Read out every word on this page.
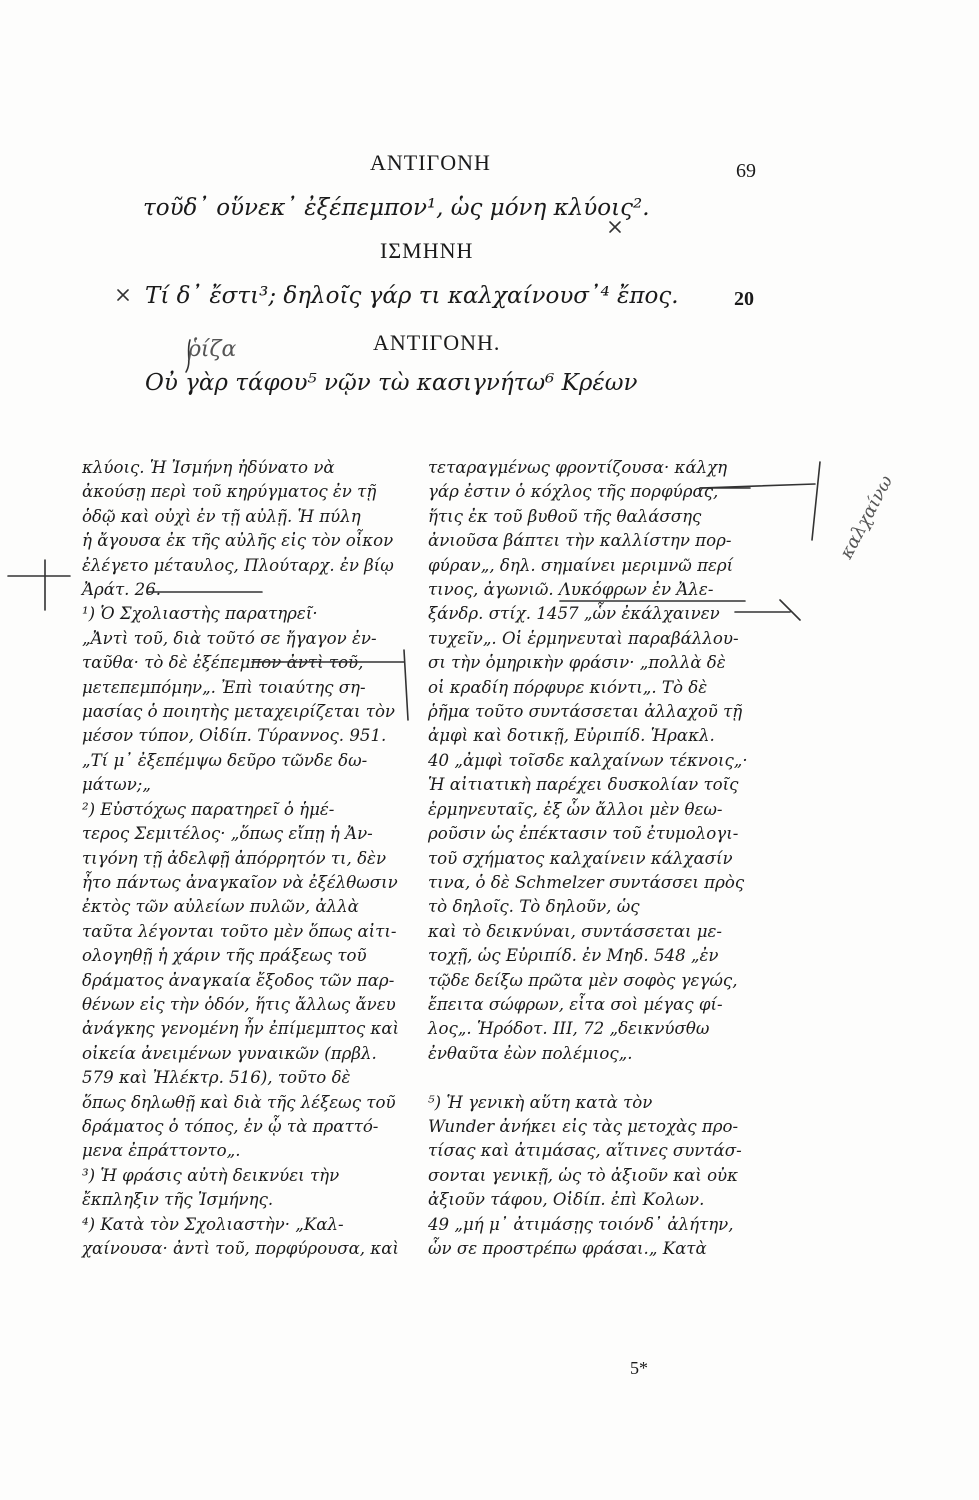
ΑΝΤΙΓΟΝΗ	69
τοῦδ᾽ οὕνεκ᾽ ἐξέπεμπον¹, ὡς μόνη κλύοις².
ΙΣΜΗΝΗ
Τί δ᾽ ἔστι³; δηλοῖς γάρ τι καλχαίνουσ᾽⁴ ἔπος.	20
ΑΝΤΙΓΟΝΗ.
Οὐ γὰρ τάφου⁵ νῷν τὼ κασιγνήτω⁶ Κρέων
κλύοις. Ἡ Ἰσμήνη ἠδύνατο νὰ
ἀκούσῃ περὶ τοῦ κηρύγματος ἐν τῇ
ὁδῷ καὶ οὐχὶ ἐν τῇ αὐλῇ. Ἡ πύλη
ἡ ἄγουσα ἐκ τῆς αὐλῆς εἰς τὸν οἶκον
ἐλέγετο μέταυλος, Πλούταρχ. ἐν βίῳ
Ἀράτ. 26.
¹) Ὁ Σχολιαστὴς παρατηρεῖ·
„Ἀντὶ τοῦ, διὰ τοῦτό σε ἤγαγον ἐν-
ταῦθα· τὸ δὲ ἐξέπεμπον ἀντὶ τοῦ,
μετεπεμπόμην„. Ἐπὶ τοιαύτης ση-
μασίας ὁ ποιητὴς μεταχειρίζεται τὸν
μέσον τύπον, Οἰδίπ. Τύραννος. 951.
„Τί μ᾽ ἐξεπέμψω δεῦρο τῶνδε δω-
μάτων;„
²) Εὐστόχως παρατηρεῖ ὁ ἡμέ-
τερος Σεμιτέλος· „ὅπως εἴπῃ ἡ Ἀν-
τιγόνη τῇ ἀδελφῇ ἀπόρρητόν τι, δὲν
ἦτο πάντως ἀναγκαῖον νὰ ἐξέλθωσιν
ἐκτὸς τῶν αὐλείων πυλῶν, ἀλλὰ
ταῦτα λέγονται τοῦτο μὲν ὅπως αἰτι-
ολογηθῇ ἡ χάριν τῆς πράξεως τοῦ
δράματος ἀναγκαία ἔξοδος τῶν παρ-
θένων εἰς τὴν ὁδόν, ἥτις ἄλλως ἄνευ
ἀνάγκης γενομένη ἦν ἐπίμεμπτος καὶ
οἰκεία ἀνειμένων γυναικῶν (πρβλ.
579 καὶ Ἠλέκτρ. 516), τοῦτο δὲ
ὅπως δηλωθῇ καὶ διὰ τῆς λέξεως τοῦ
δράματος ὁ τόπος, ἐν ᾧ τὰ πραττό-
μενα ἐπράττοντο„.
³) Ἡ φράσις αὐτὴ δεικνύει τὴν
ἔκπληξιν τῆς Ἰσμήνης.
⁴) Κατὰ τὸν Σχολιαστὴν· „Καλ-
χαίνουσα· ἀντὶ τοῦ, πορφύρουσα, καὶ
τεταραγμένως φροντίζουσα· κάλχη
γάρ ἐστιν ὁ κόχλος τῆς πορφύρας,
ἥτις ἐκ τοῦ βυθοῦ τῆς θαλάσσης
ἀνιοῦσα βάπτει τὴν καλλίστην πορ-
φύραν„, δηλ. σημαίνει μεριμνῶ περί
τινος, ἀγωνιῶ. Λυκόφρων ἐν Ἀλε-
ξάνδρ. στίχ. 1457 „ὧν ἐκάλχαινεν
τυχεῖν„. Οἱ ἑρμηνευταὶ παραβάλλου-
σι τὴν ὁμηρικὴν φράσιν· „πολλὰ δὲ
οἱ κραδίη πόρφυρε κιόντι„. Τὸ δὲ
ῥῆμα τοῦτο συντάσσεται ἀλλαχοῦ τῇ
ἀμφὶ καὶ δοτικῇ, Εὐριπίδ. Ἡρακλ.
40 „ἀμφὶ τοῖσδε καλχαίνων τέκνοις„·
Ἡ αἰτιατικὴ παρέχει δυσκολίαν τοῖς
ἑρμηνευταῖς, ἐξ ὧν ἄλλοι μὲν θεω-
ροῦσιν ὡς ἐπέκτασιν τοῦ ἐτυμολογι-
τοῦ σχήματος καλχαίνειν κάλχασίν
τινα, ὁ δὲ Schmelzer συντάσσει πρὸς
τὸ δηλοῖς. Τὸ δηλοῦν, ὡς
καὶ τὸ δεικνύναι, συντάσσεται με-
τοχῇ, ὡς Εὐριπίδ. ἐν Μηδ. 548 „ἐν
τῷδε δείξω πρῶτα μὲν σοφὸς γεγώς,
ἔπειτα σώφρων, εἶτα σοὶ μέγας φί-
λος„. Ἡρόδοτ. III, 72 „δεικνύσθω
ἐνθαῦτα ἐὼν πολέμιος„.

⁵) Ἡ γενικὴ αὕτη κατὰ τὸν
Wunder ἀνήκει εἰς τὰς μετοχὰς προ-
τίσας καὶ ἀτιμάσας, αἵτινες συντάσ-
σονται γενικῇ, ὡς τὸ ἀξιοῦν καὶ οὐκ
ἀξιοῦν τάφου, Οἰδίπ. ἐπὶ Κολων.
49 „μή μ᾽ ἀτιμάσῃς τοιόνδ᾽ ἀλήτην,
ὧν σε προστρέπω φράσαι.„ Κατὰ
5*
ῥίζα
καλχαίνω
